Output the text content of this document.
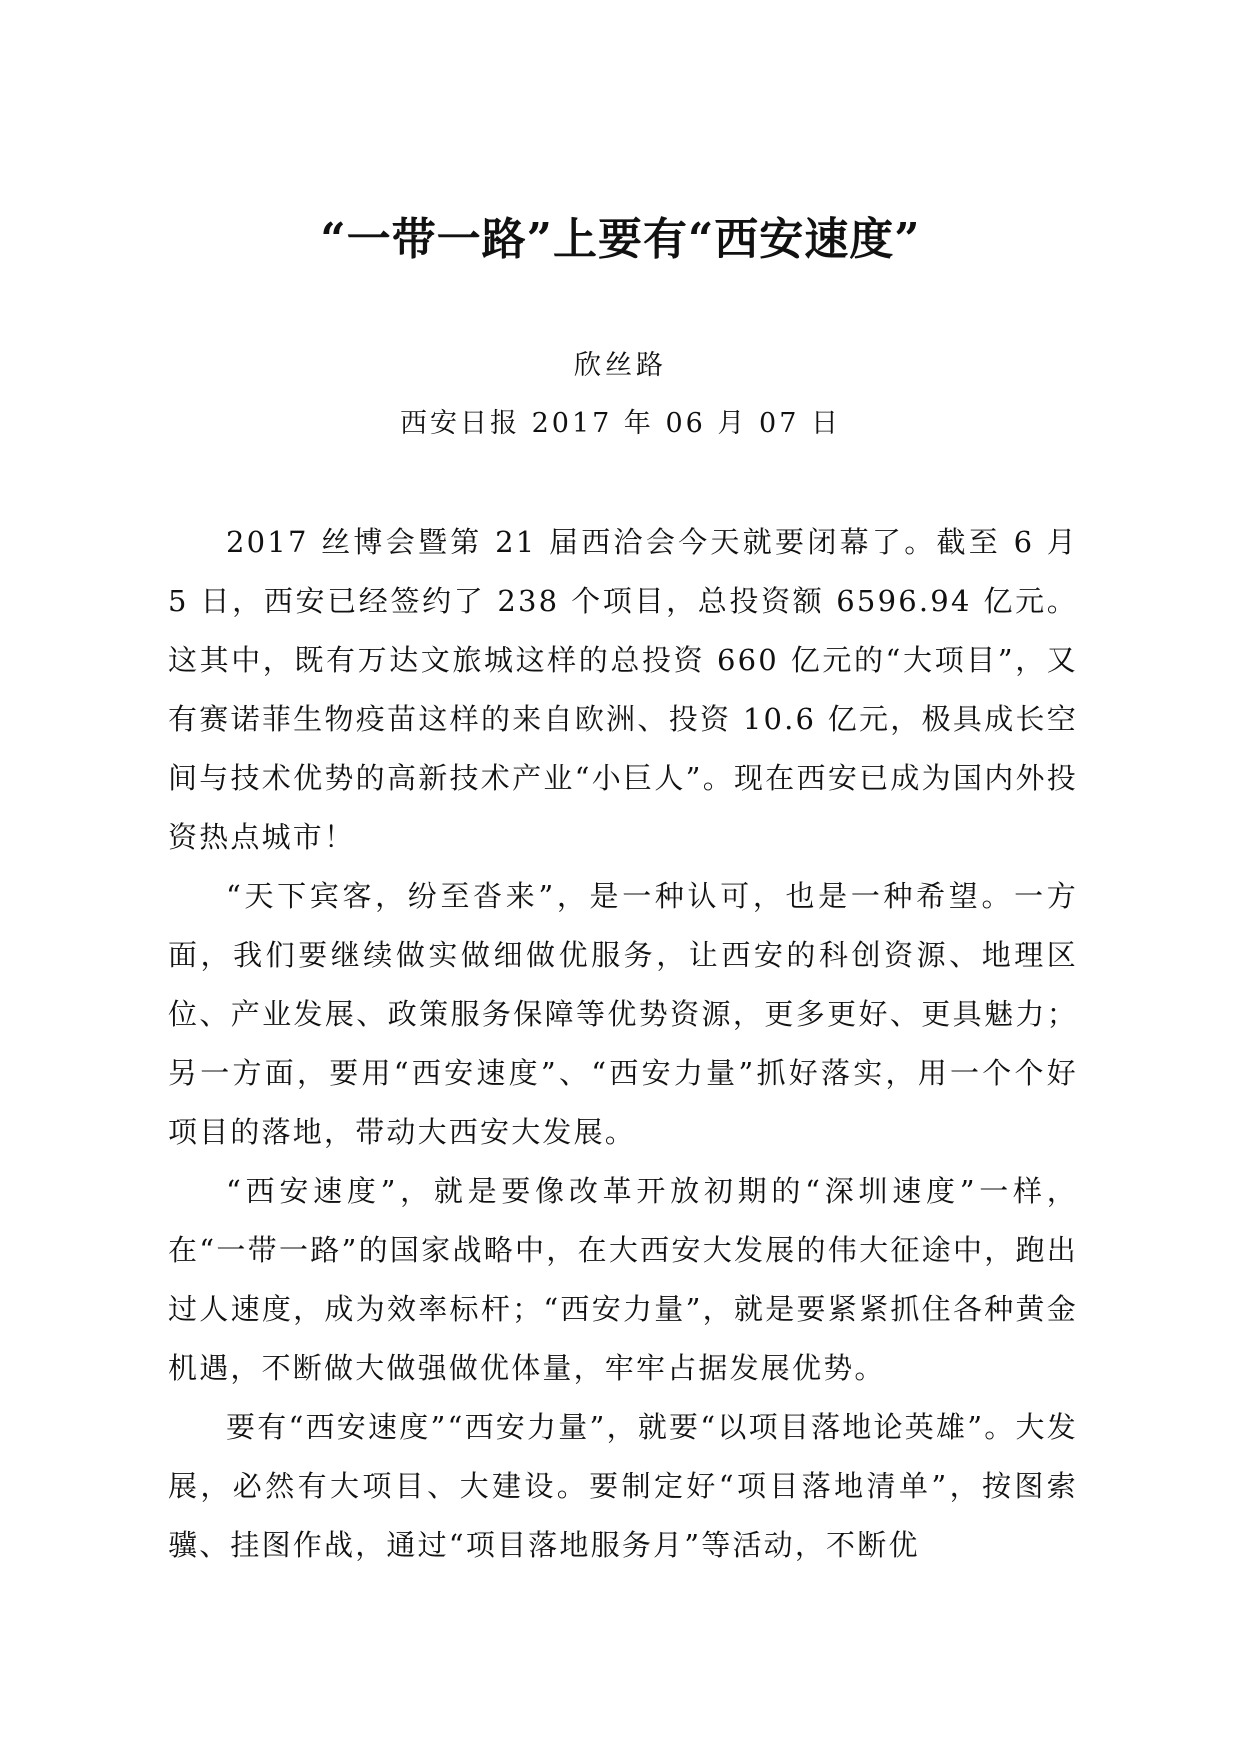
“一带一路”上要有“西安速度”
欣丝路
西安日报 2017 年 06 月 07 日

2017 丝博会暨第 21 届西洽会今天就要闭幕了。截至 6 月 5 日，西安已经签约了 238 个项目，总投资额 6596.94 亿元。这其中，既有万达文旅城这样的总投资 660 亿元的“大项目”，又有赛诺菲生物疫苗这样的来自欧洲、投资 10.6 亿元，极具成长空间与技术优势的高新技术产业“小巨人”。现在西安已成为国内外投资热点城市！

“天下宾客，纷至沓来”，是一种认可，也是一种希望。一方面，我们要继续做实做细做优服务，让西安的科创资源、地理区位、产业发展、政策服务保障等优势资源，更多更好、更具魅力；另一方面，要用“西安速度”、“西安力量”抓好落实，用一个个好项目的落地，带动大西安大发展。

“西安速度”，就是要像改革开放初期的“深圳速度”一样，在“一带一路”的国家战略中，在大西安大发展的伟大征途中，跑出过人速度，成为效率标杆；“西安力量”，就是要紧紧抓住各种黄金机遇，不断做大做强做优体量，牢牢占据发展优势。

要有“西安速度”“西安力量”，就要“以项目落地论英雄”。大发展，必然有大项目、大建设。要制定好“项目落地清单”，按图索骥、挂图作战，通过“项目落地服务月”等活动，不断优
